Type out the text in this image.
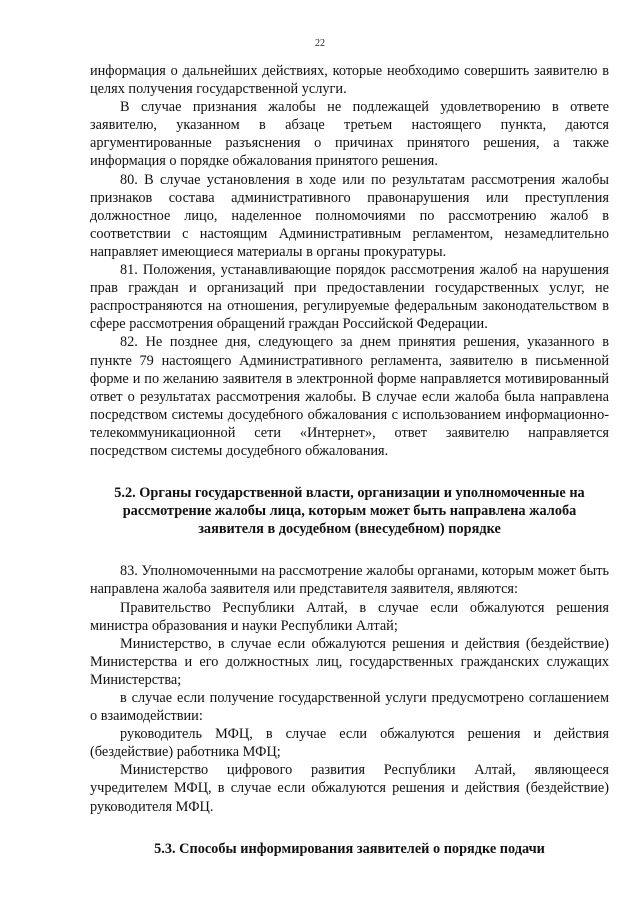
22

информация о дальнейших действиях, которые необходимо совершить заявителю в целях получения государственной услуги.

В случае признания жалобы не подлежащей удовлетворению в ответе заявителю, указанном в абзаце третьем настоящего пункта, даются аргументированные разъяснения о причинах принятого решения, а также информация о порядке обжалования принятого решения.

80. В случае установления в ходе или по результатам рассмотрения жалобы признаков состава административного правонарушения или преступления должностное лицо, наделенное полномочиями по рассмотрению жалоб в соответствии с настоящим Административным регламентом, незамедлительно направляет имеющиеся материалы в органы прокуратуры.

81. Положения, устанавливающие порядок рассмотрения жалоб на нарушения прав граждан и организаций при предоставлении государственных услуг, не распространяются на отношения, регулируемые федеральным законодательством в сфере рассмотрения обращений граждан Российской Федерации.

82. Не позднее дня, следующего за днем принятия решения, указанного в пункте 79 настоящего Административного регламента, заявителю в письменной форме и по желанию заявителя в электронной форме направляется мотивированный ответ о результатах рассмотрения жалобы. В случае если жалоба была направлена посредством системы досудебного обжалования с использованием информационно-телекоммуникационной сети «Интернет», ответ заявителю направляется посредством системы досудебного обжалования.

5.2. Органы государственной власти, организации и уполномоченные на рассмотрение жалобы лица, которым может быть направлена жалоба заявителя в досудебном (внесудебном) порядке

83. Уполномоченными на рассмотрение жалобы органами, которым может быть направлена жалоба заявителя или представителя заявителя, являются:

Правительство Республики Алтай, в случае если обжалуются решения министра образования и науки Республики Алтай;

Министерство, в случае если обжалуются решения и действия (бездействие) Министерства и его должностных лиц, государственных гражданских служащих Министерства;

в случае если получение государственной услуги предусмотрено соглашением о взаимодействии:

руководитель МФЦ, в случае если обжалуются решения и действия (бездействие) работника МФЦ;

Министерство цифрового развития Республики Алтай, являющееся учредителем МФЦ, в случае если обжалуются решения и действия (бездействие) руководителя МФЦ.

5.3. Способы информирования заявителей о порядке подачи
